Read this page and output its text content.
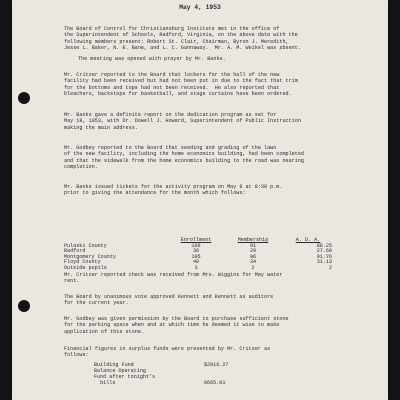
May 4, 1953
The Board of Control for Christiansburg Institute met in the office of
the Superintendent of Schools, Radford, Virginia, on the above date with the
following members present: Robert St. Clair, Chairman, Byron J. Meredith,
Jesse L. Baker, N. E. Bane, and L. C. Gannaway.  Mr. A. M. Weikel was absent.
The meeting was opened with prayer by Mr. Banks.
Mr. Critzer reported to the Board that lockers for the hall of the new
facility had been received but had not been put in due to the fact that trim
for the bottoms and tops had not been received.  He also reported that
bleachers, backstops for basketball, and stage curtains have been ordered.
Mr. Banks gave a definite report on the dedication program as set for
May 18, 1953, with Dr. Dowell J. Howard, Superintendent of Public Instruction
making the main address.
Mr. Godbey reported to the Board that seeding and grading of the lawn
of the new facility, including the home economics building, had been completed
and that the sidewalk from the home economics building to the road was nearing
completion.
Mr. Banks issued tickets for the activity program on May 8 at 8:30 p.m.
prior to giving the attendance for the month which follows:
	Enrollment	Membership	A. D. A.
Pulaski County	106	91	88.25
Radford	36	29	27.60
Montgomery County	105	96	91.76
Floyd County	40	34	31.13
Outside pupils	3	2	2
Mr. Critzer reported check was received from Mrs. Wiggins for May water
rent.
The Board by unanimous vote approved Kennett and Kennett as auditors
for the current year.
Mr. Godbey was given permission by the Board to purchase sufficient stone
for the parking space when and at which time he deemed it wise to make
application of this stone.
Financial figures in surplus funds were presented by Mr. Critzer as
follows:
Building Fund	$2016.27
Balance Operating
Fund after tonight's
bills	6665.01
